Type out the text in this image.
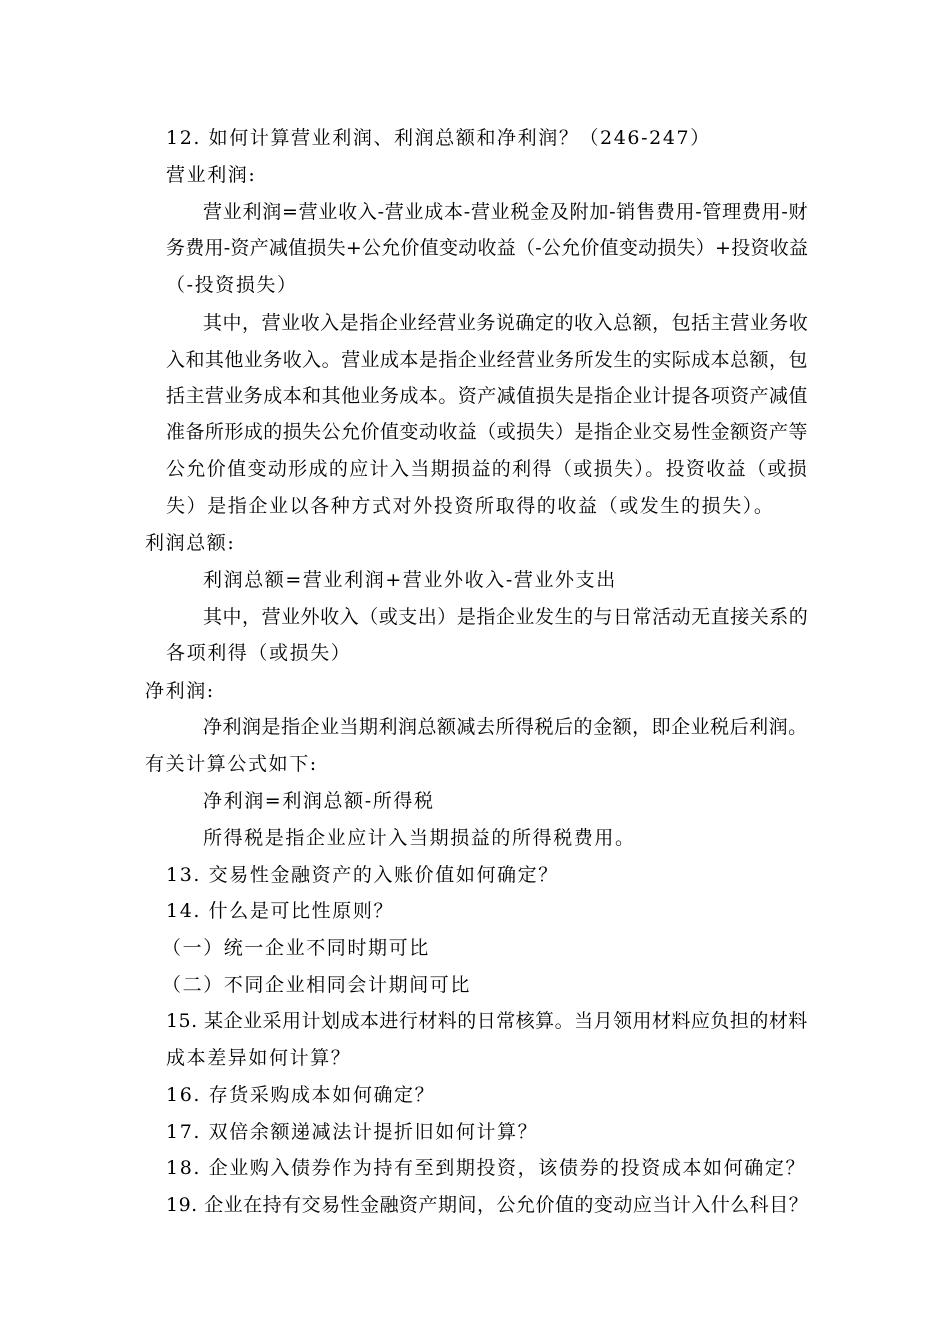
12. 如何计算营业利润、利润总额和净利润？（246-247）
营业利润:
营业利润=营业收入-营业成本-营业税金及附加-销售费用-管理费用-财
务费用-资产减值损失+公允价值变动收益（-公允价值变动损失）+投资收益
（-投资损失）
其中，营业收入是指企业经营业务说确定的收入总额，包括主营业务收
入和其他业务收入。营业成本是指企业经营业务所发生的实际成本总额，包
括主营业务成本和其他业务成本。资产减值损失是指企业计提各项资产减值
准备所形成的损失公允价值变动收益（或损失）是指企业交易性金额资产等
公允价值变动形成的应计入当期损益的利得（或损失）。投资收益（或损
失）是指企业以各种方式对外投资所取得的收益（或发生的损失）。
利润总额:
利润总额=营业利润+营业外收入-营业外支出
其中，营业外收入（或支出）是指企业发生的与日常活动无直接关系的
各项利得（或损失）
净利润:
净利润是指企业当期利润总额减去所得税后的金额，即企业税后利润。
有关计算公式如下:
净利润=利润总额-所得税
所得税是指企业应计入当期损益的所得税费用。
13. 交易性金融资产的入账价值如何确定？
14. 什么是可比性原则？
（一）统一企业不同时期可比
（二）不同企业相同会计期间可比
15. 某企业采用计划成本进行材料的日常核算。当月领用材料应负担的材料
成本差异如何计算？
16. 存货采购成本如何确定？
17. 双倍余额递减法计提折旧如何计算？
18. 企业购入债券作为持有至到期投资，该债券的投资成本如何确定？
19. 企业在持有交易性金融资产期间，公允价值的变动应当计入什么科目？
